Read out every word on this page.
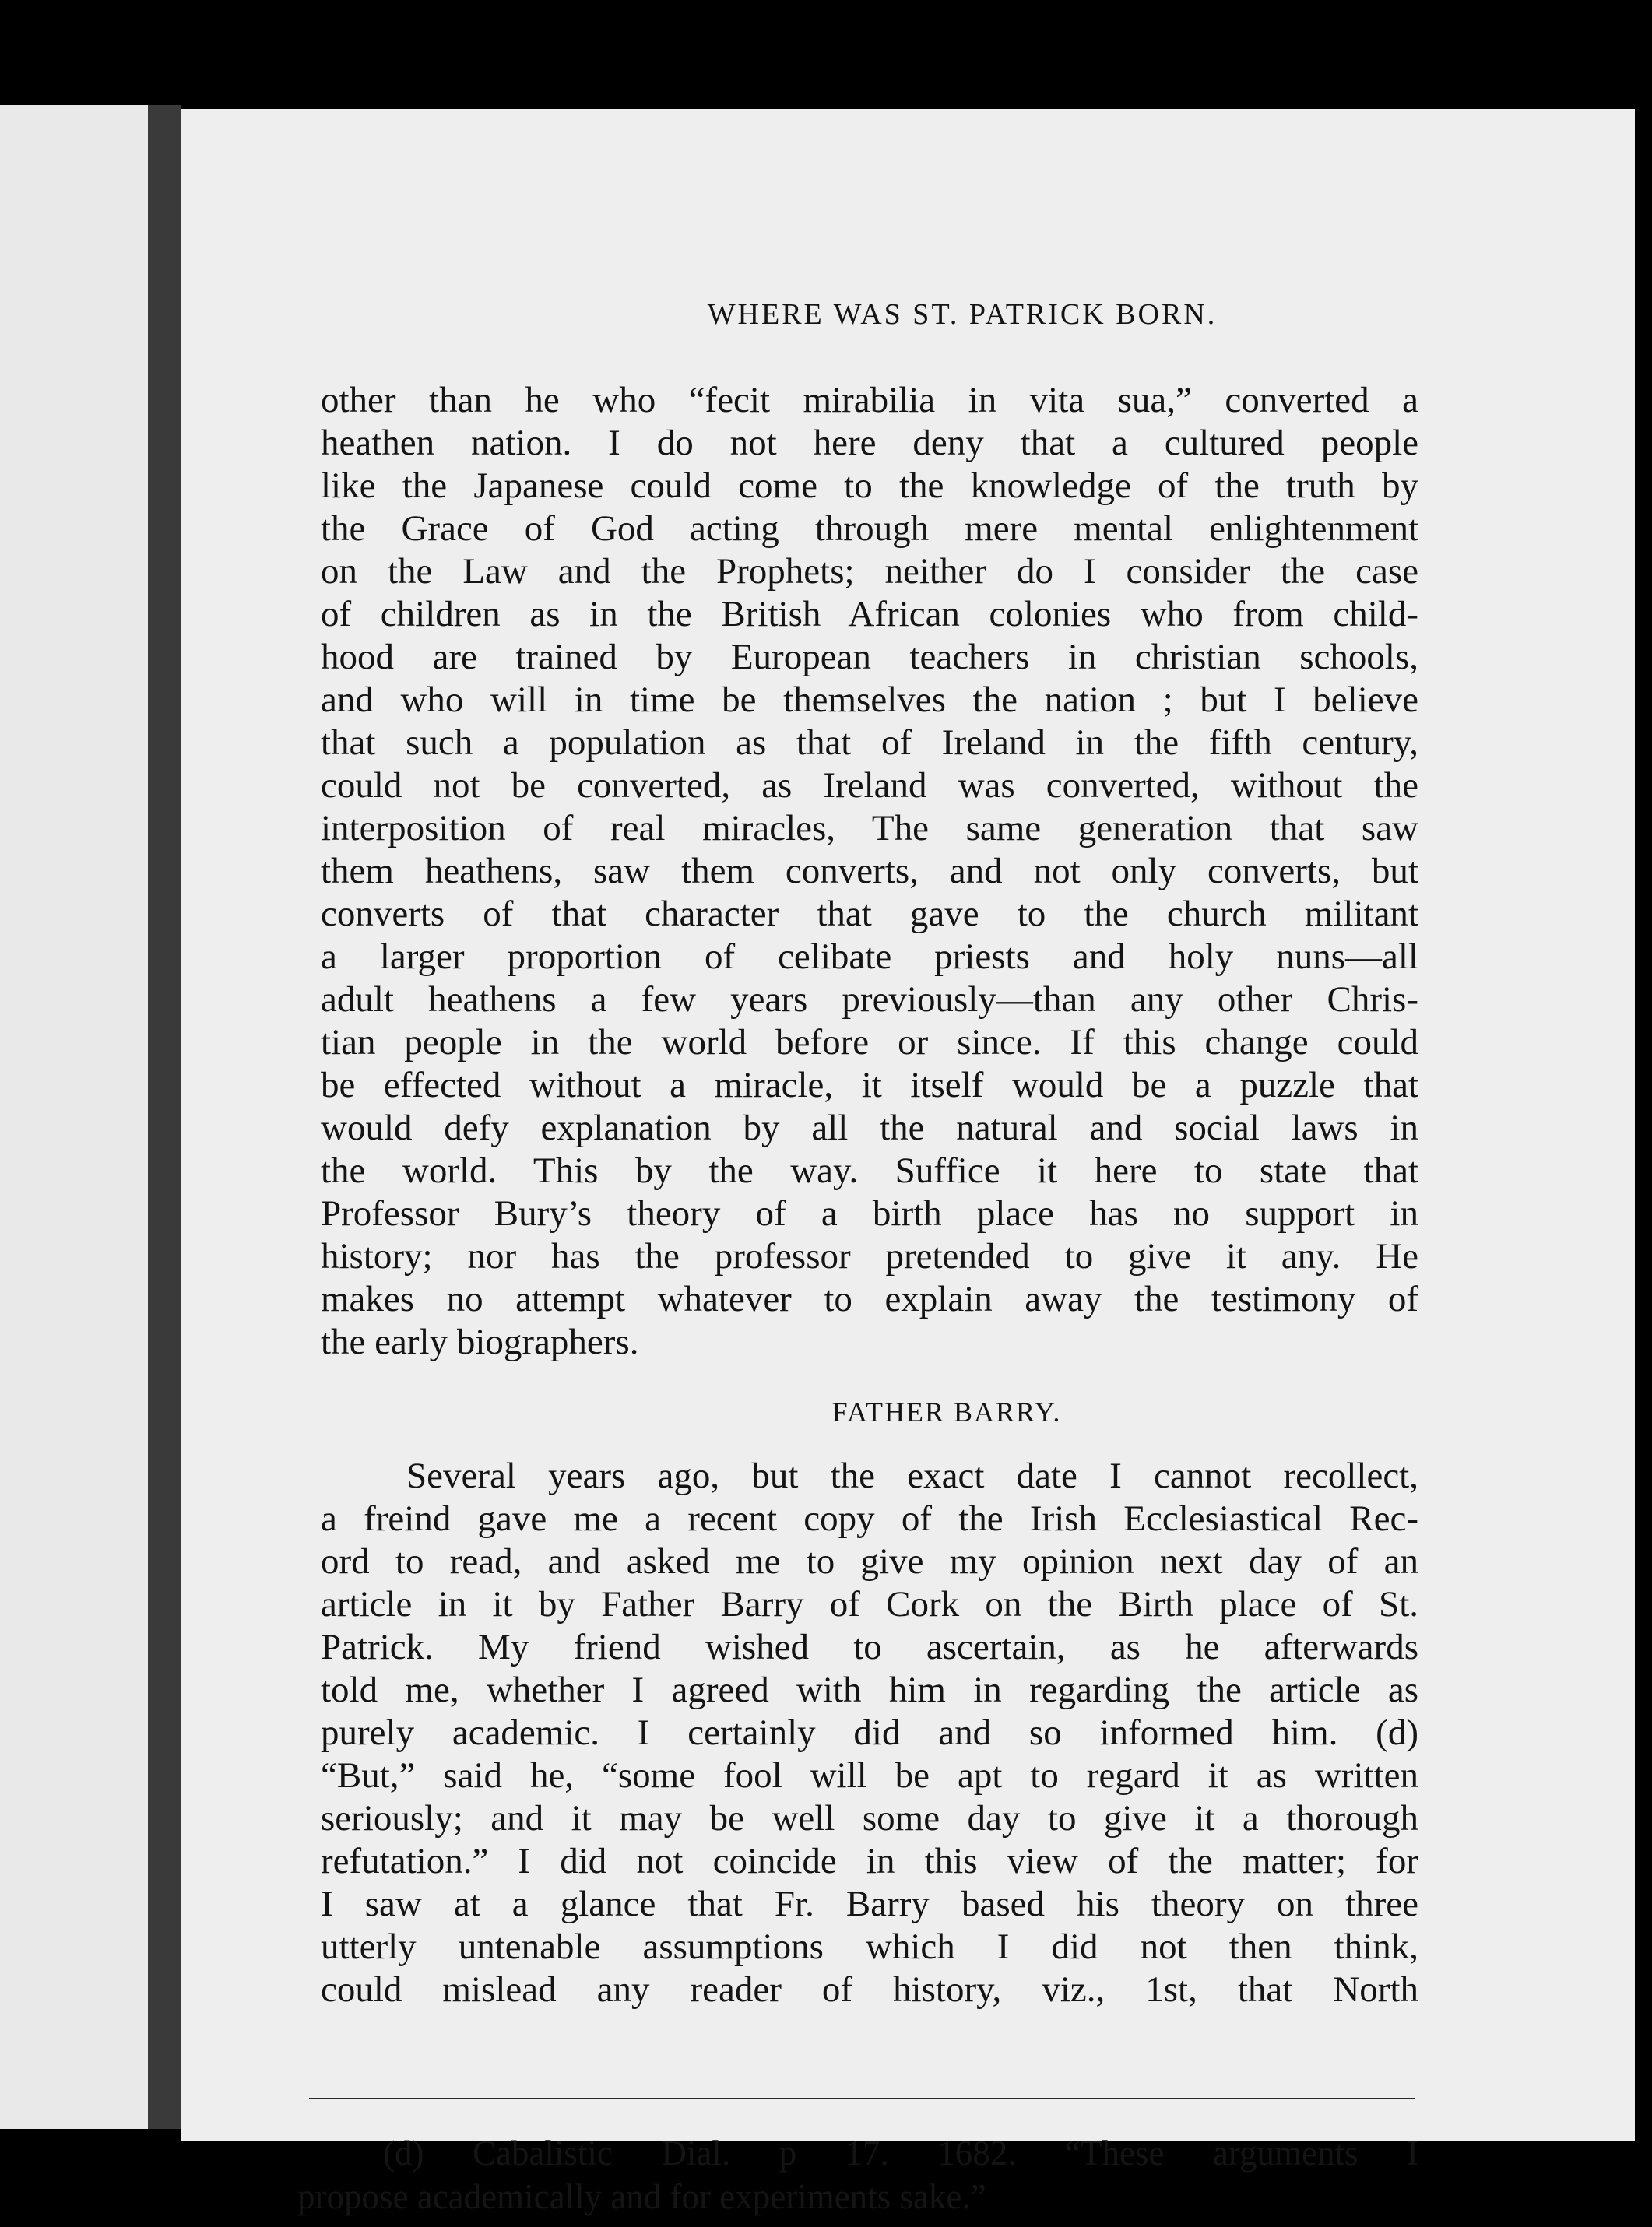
WHERE WAS ST. PATRICK BORN.
other than he who “fecit mirabilia in vita sua,” converted a
heathen nation. I do not here deny that a cultured people
like the Japanese could come to the knowledge of the truth by
the Grace of God acting through mere mental enlightenment
on the Law and the Prophets; neither do I consider the case
of children as in the British African colonies who from child-
hood are trained by European teachers in christian schools,
and who will in time be themselves the nation ; but I believe
that such a population as that of Ireland in the fifth century,
could not be converted, as Ireland was converted, without the
interposition of real miracles, The same generation that saw
them heathens, saw them converts, and not only converts, but
converts of that character that gave to the church militant
a larger proportion of celibate priests and holy nuns—all
adult heathens a few years previously—than any other Chris-
tian people in the world before or since. If this change could
be effected without a miracle, it itself would be a puzzle that
would defy explanation by all the natural and social laws in
the world. This by the way. Suffice it here to state that
Professor Bury’s theory of a birth place has no support in
history; nor has the professor pretended to give it any. He
makes no attempt whatever to explain away the testimony of
the early biographers.
FATHER BARRY.
Several years ago, but the exact date I cannot recollect,
a freind gave me a recent copy of the Irish Ecclesiastical Rec-
ord to read, and asked me to give my opinion next day of an
article in it by Father Barry of Cork on the Birth place of St.
Patrick. My friend wished to ascertain, as he afterwards
told me, whether I agreed with him in regarding the article as
purely academic. I certainly did and so informed him. (d)
“But,” said he, “some fool will be apt to regard it as written
seriously; and it may be well some day to give it a thorough
refutation.” I did not coincide in this view of the matter; for
I saw at a glance that Fr. Barry based his theory on three
utterly untenable assumptions which I did not then think,
could mislead any reader of history, viz., 1st, that North
(d) Cabalistic Dial. p 17. 1682. “These arguments I
propose academically and for experiments sake.”
